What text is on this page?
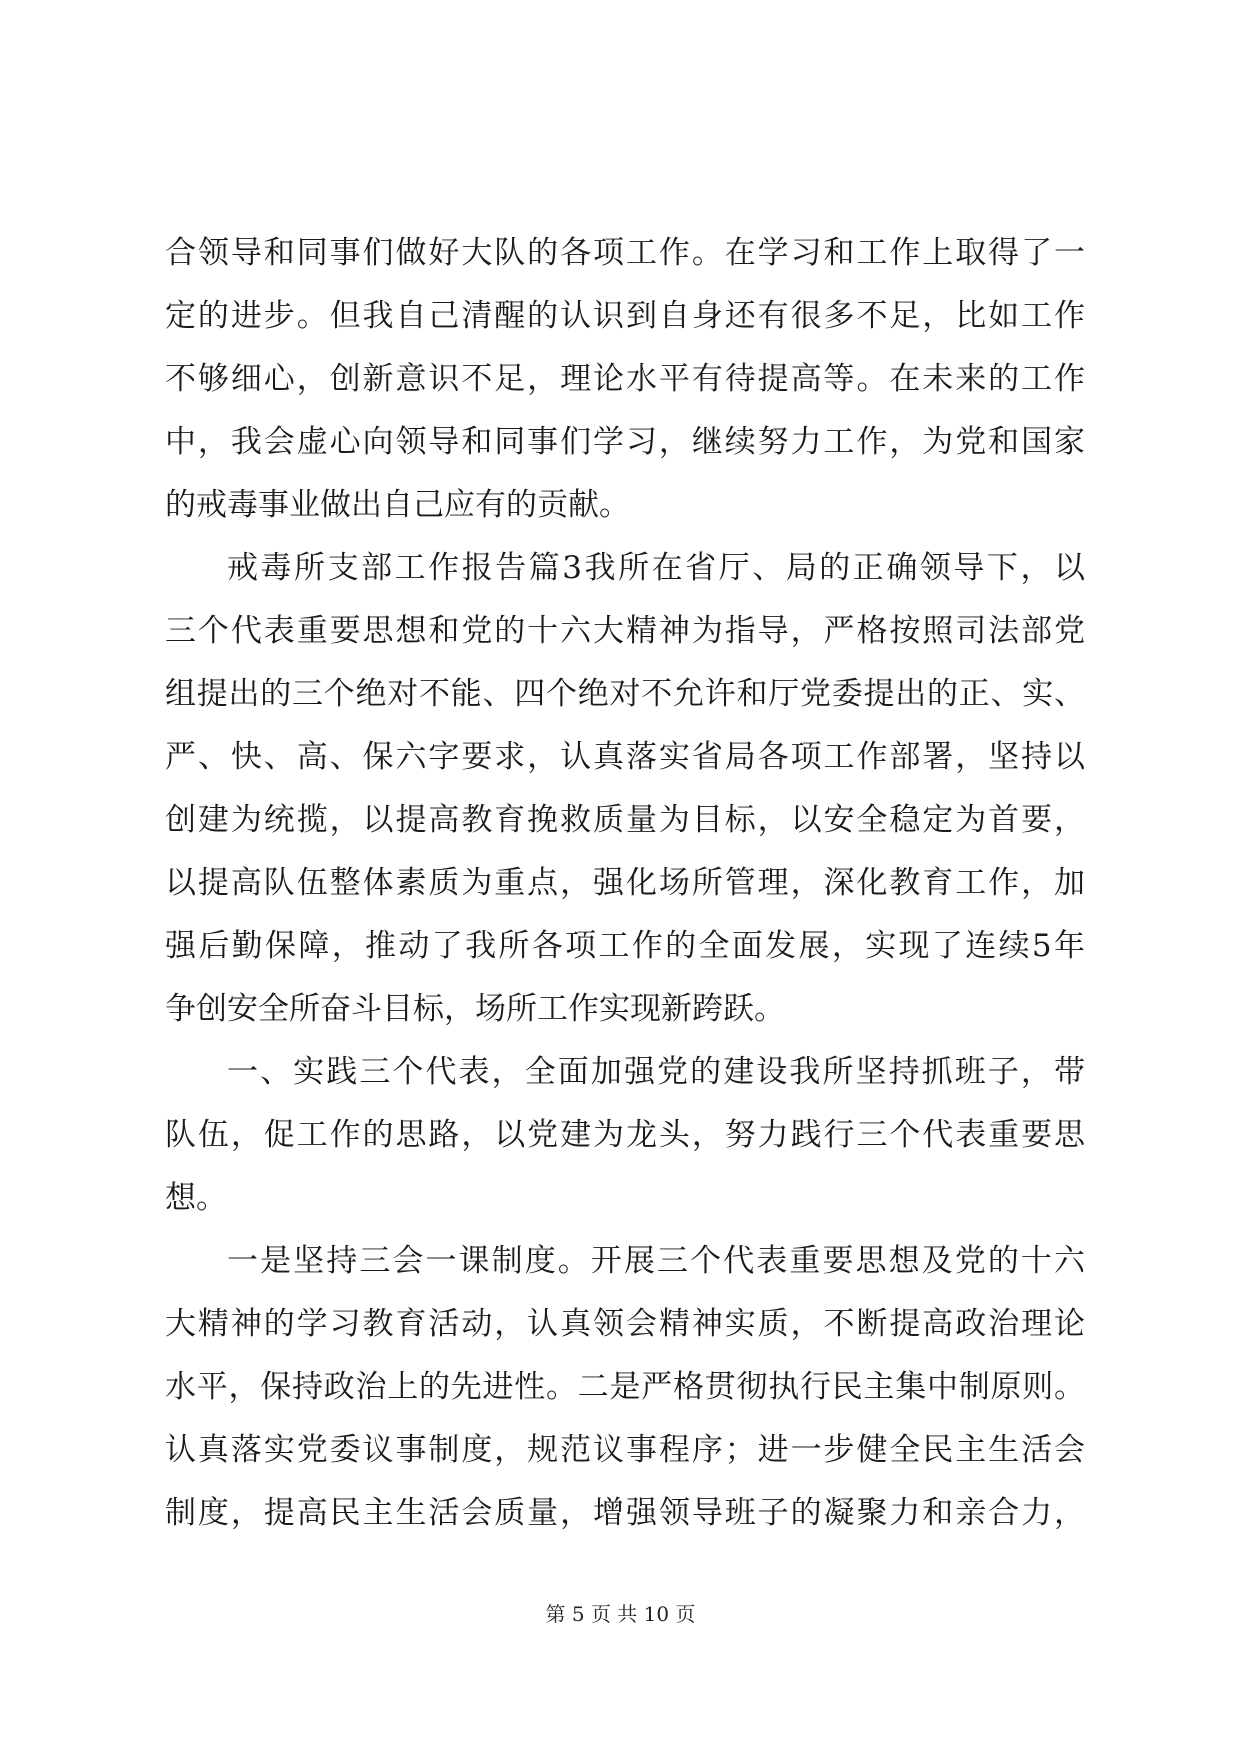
合领导和同事们做好大队的各项工作。在学习和工作上取得了一
定的进步。但我自己清醒的认识到自身还有很多不足，比如工作
不够细心，创新意识不足，理论水平有待提高等。在未来的工作
中，我会虚心向领导和同事们学习，继续努力工作，为党和国家
的戒毒事业做出自己应有的贡献。
戒毒所支部工作报告篇3我所在省厅、局的正确领导下，以
三个代表重要思想和党的十六大精神为指导，严格按照司法部党
组提出的三个绝对不能、四个绝对不允许和厅党委提出的正、实、
严、快、高、保六字要求，认真落实省局各项工作部署，坚持以
创建为统揽，以提高教育挽救质量为目标，以安全稳定为首要，
以提高队伍整体素质为重点，强化场所管理，深化教育工作，加
强后勤保障，推动了我所各项工作的全面发展，实现了连续5年
争创安全所奋斗目标，场所工作实现新跨跃。
一、实践三个代表，全面加强党的建设我所坚持抓班子，带
队伍，促工作的思路，以党建为龙头，努力践行三个代表重要思
想。
一是坚持三会一课制度。开展三个代表重要思想及党的十六
大精神的学习教育活动，认真领会精神实质，不断提高政治理论
水平，保持政治上的先进性。二是严格贯彻执行民主集中制原则。
认真落实党委议事制度，规范议事程序；进一步健全民主生活会
制度，提高民主生活会质量，增强领导班子的凝聚力和亲合力，
第 5 页 共 10 页
